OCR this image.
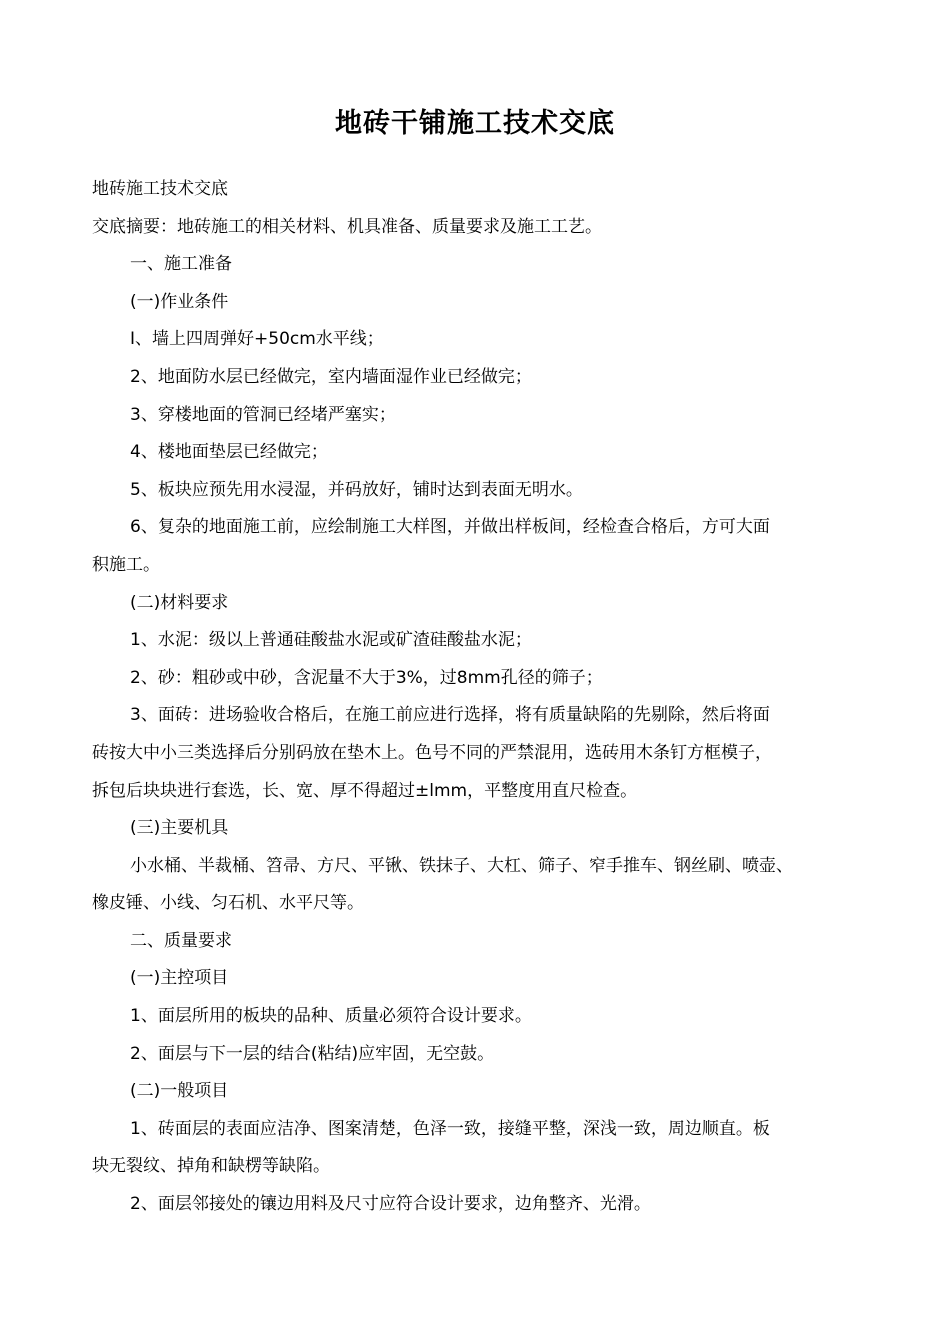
地砖干铺施工技术交底
地砖施工技术交底
交底摘要：地砖施工的相关材料、机具准备、质量要求及施工工艺。
一、施工准备
(一)作业条件
I、墙上四周弹好+50cm水平线；
2、地面防水层已经做完，室内墙面湿作业已经做完；
3、穿楼地面的管洞已经堵严塞实；
4、楼地面垫层已经做完；
5、板块应预先用水浸湿，并码放好，铺时达到表面无明水。
6、复杂的地面施工前，应绘制施工大样图，并做出样板间，经检查合格后，方可大面
积施工。
(二)材料要求
1、水泥：级以上普通硅酸盐水泥或矿渣硅酸盐水泥；
2、砂：粗砂或中砂，含泥量不大于3%，过8mm孔径的筛子；
3、面砖：进场验收合格后，在施工前应进行选择，将有质量缺陷的先剔除，然后将面
砖按大中小三类选择后分别码放在垫木上。色号不同的严禁混用，选砖用木条钉方框模子，
拆包后块块进行套选，长、宽、厚不得超过±lmm，平整度用直尺检查。
(三)主要机具
小水桶、半裁桶、笤帚、方尺、平锹、铁抹子、大杠、筛子、窄手推车、钢丝刷、喷壶、
橡皮锤、小线、匀石机、水平尺等。
二、质量要求
(一)主控项目
1、面层所用的板块的品种、质量必须符合设计要求。
2、面层与下一层的结合(粘结)应牢固，无空鼓。
(二)一般项目
1、砖面层的表面应洁净、图案清楚，色泽一致，接缝平整，深浅一致，周边顺直。板
块无裂纹、掉角和缺楞等缺陷。
2、面层邻接处的镶边用料及尺寸应符合设计要求，边角整齐、光滑。
